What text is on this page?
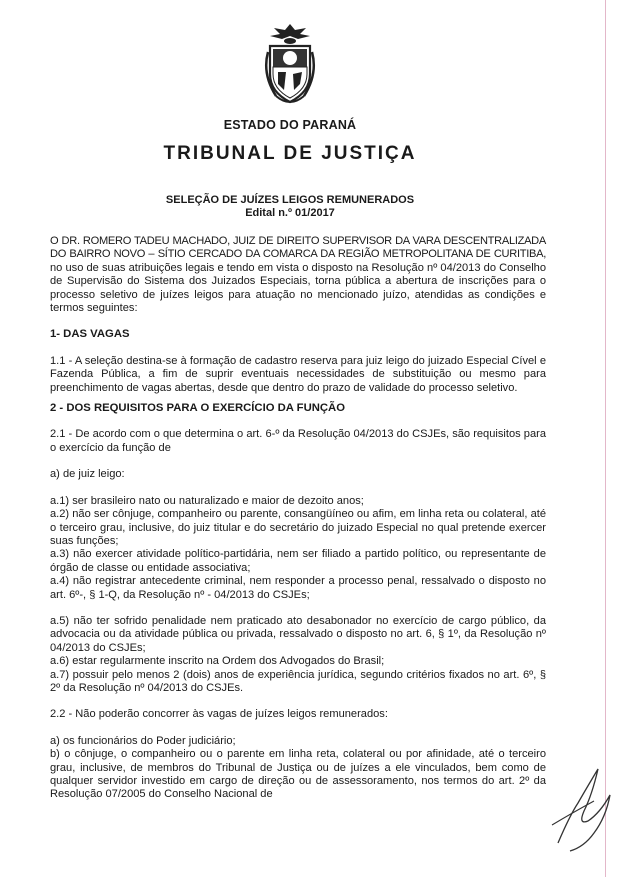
ESTADO DO PARANÁ
TRIBUNAL DE JUSTIÇA
SELEÇÃO DE JUÍZES LEIGOS REMUNERADOS
Edital n.º 01/2017

O DR. ROMERO TADEU MACHADO, JUIZ DE DIREITO SUPERVISOR DA VARA DESCENTRALIZADA DO BAIRRO NOVO – SÍTIO CERCADO DA COMARCA DA REGIÃO METROPOLITANA DE CURITIBA, no uso de suas atribuições legais e tendo em vista o disposto na Resolução nº 04/2013 do Conselho de Supervisão do Sistema dos Juizados Especiais, torna pública a abertura de inscrições para o processo seletivo de juízes leigos para atuação no mencionado juízo, atendidas as condições e termos seguintes:

1- DAS VAGAS

1.1 - A seleção destina-se à formação de cadastro reserva para juiz leigo do juizado Especial Cível e Fazenda Pública, a fim de suprir eventuais necessidades de substituição ou mesmo para preenchimento de vagas abertas, desde que dentro do prazo de validade do processo seletivo.

2 - DOS REQUISITOS PARA O EXERCÍCIO DA FUNÇÃO

2.1 - De acordo com o que determina o art. 6-º da Resolução 04/2013 do CSJEs, são requisitos para o exercício da função de

a) de juiz leigo:

a.1) ser brasileiro nato ou naturalizado e maior de dezoito anos;

a.2) não ser cônjuge, companheiro ou parente, consangüíneo ou afim, em linha reta ou colateral, até o terceiro grau, inclusive, do juiz titular e do secretário do juizado Especial no qual pretende exercer suas funções;

a.3) não exercer atividade político-partidária, nem ser filiado a partido político, ou representante de órgão de classe ou entidade associativa;

a.4) não registrar antecedente criminal, nem responder a processo penal, ressalvado o disposto no art. 6º-, § 1-Q, da Resolução nº - 04/2013 do CSJEs;

a.5) não ter sofrido penalidade nem praticado ato desabonador no exercício de cargo público, da advocacia ou da atividade pública ou privada, ressalvado o disposto no art. 6, § 1º, da Resolução nº 04/2013 do CSJEs;

a.6) estar regularmente inscrito na Ordem dos Advogados do Brasil;

a.7) possuir pelo menos 2 (dois) anos de experiência jurídica, segundo critérios fixados no art. 6º, § 2º da Resolução nº 04/2013 do CSJEs.

2.2 - Não poderão concorrer às vagas de juízes leigos remunerados:

a) os funcionários do Poder judiciário;

b) o cônjuge, o companheiro ou o parente em linha reta, colateral ou por afinidade, até o terceiro grau, inclusive, de membros do Tribunal de Justiça ou de juízes a ele vinculados, bem como de qualquer servidor investido em cargo de direção ou de assessoramento, nos termos do art. 2º da Resolução 07/2005 do Conselho Nacional de
